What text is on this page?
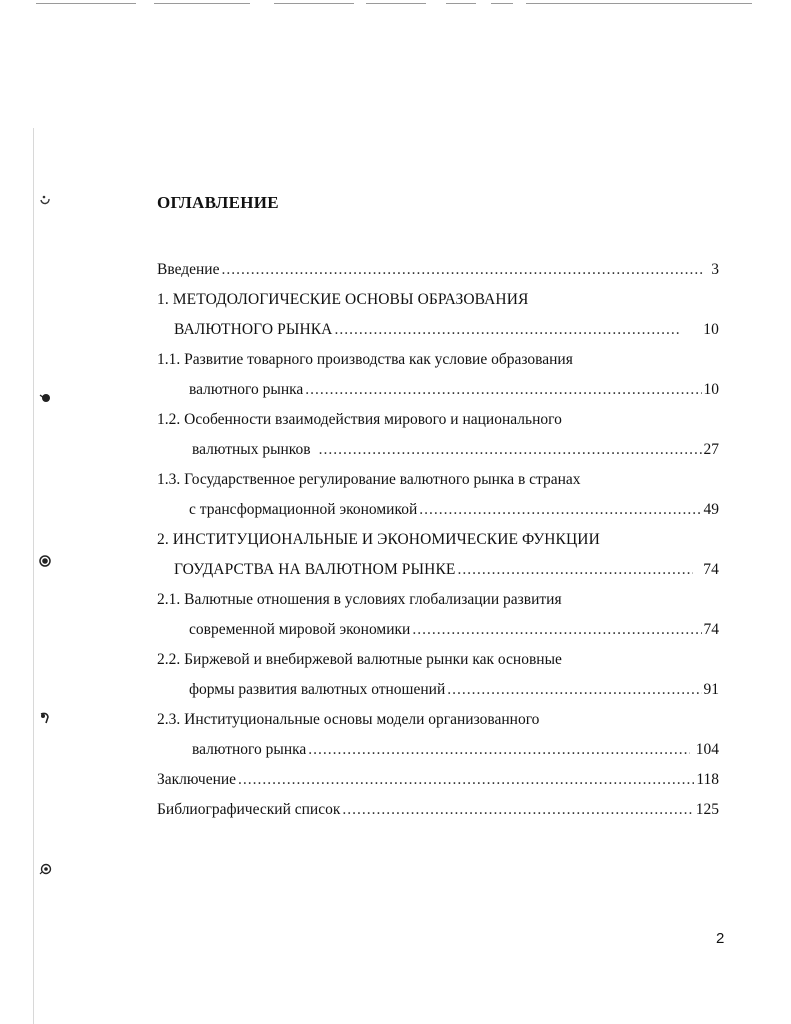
ОГЛАВЛЕНИЕ
Введение .....	3
1. МЕТОДОЛОГИЧЕСКИЕ ОСНОВЫ ОБРАЗОВАНИЯ
ВАЛЮТНОГО РЫНКА .....	10
1.1. Развитие товарного производства как условие образования
валютного рынка .....	10
1.2. Особенности взаимодействия мирового и национального
валютных рынков .....	27
1.3. Государственное регулирование валютного рынка в странах
с трансформационной экономикой .....	49
2. ИНСТИТУЦИОНАЛЬНЫЕ И ЭКОНОМИЧЕСКИЕ ФУНКЦИИ
ГОУДАРСТВА НА ВАЛЮТНОМ РЫНКЕ .....	74
2.1. Валютные отношения в условиях глобализации развития
современной мировой экономики .....	74
2.2. Биржевой и внебиржевой валютные рынки как основные
формы развития валютных отношений .....	91
2.3. Институциональные основы модели организованного
валютного рынка .....	104
Заключение .....	118
Библиографический список .....	125
2
